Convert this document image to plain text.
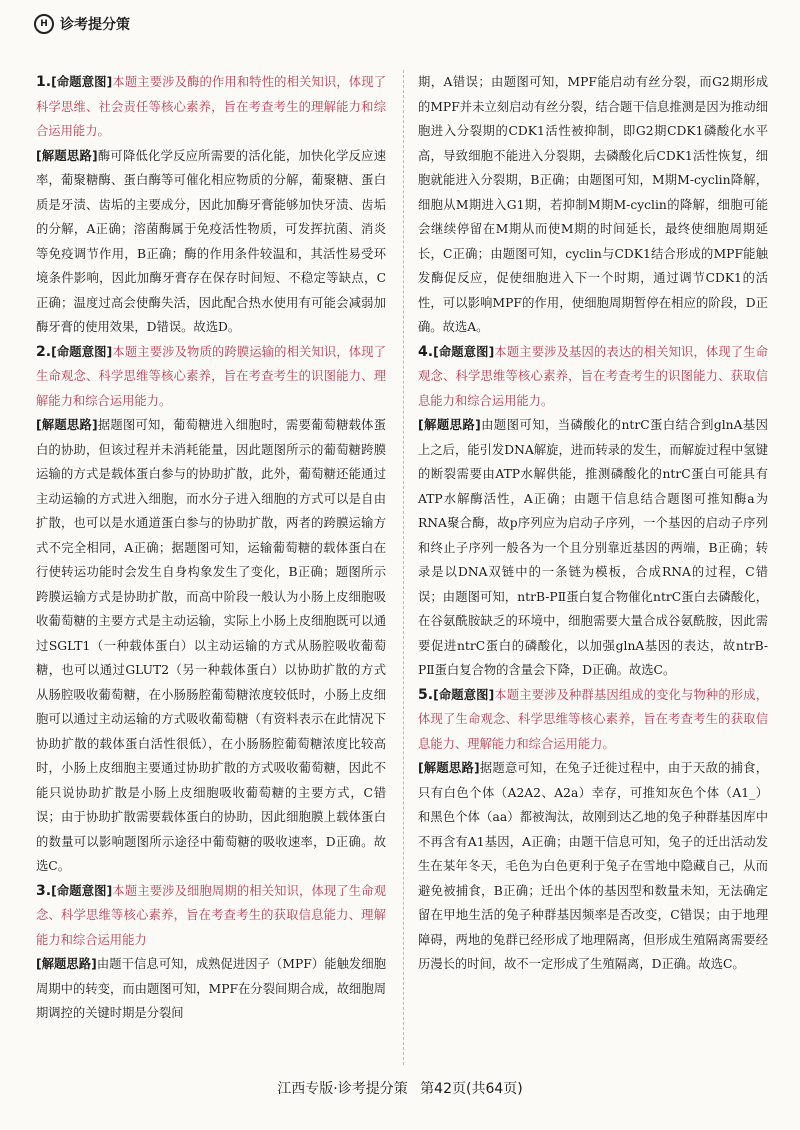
H 诊考提分策
1.[命题意图]本题主要涉及酶的作用和特性的相关知识，体现了科学思维、社会责任等核心素养，旨在考查考生的理解能力和综合运用能力。
[解题思路]酶可降低化学反应所需要的活化能，加快化学反应速率，葡聚糖酶、蛋白酶等可催化相应物质的分解，葡聚糖、蛋白质是牙渍、齿垢的主要成分，因此加酶牙膏能够加快牙渍、齿垢的分解，A正确；溶菌酶属于免疫活性物质，可发挥抗菌、消炎等免疫调节作用，B正确；酶的作用条件较温和，其活性易受环境条件影响，因此加酶牙膏存在保存时间短、不稳定等缺点，C正确；温度过高会使酶失活，因此配合热水使用有可能会减弱加酶牙膏的使用效果，D错误。故选D。
2.[命题意图]本题主要涉及物质的跨膜运输的相关知识，体现了生命观念、科学思维等核心素养，旨在考查考生的识图能力、理解能力和综合运用能力。
[解题思路]据题图可知，葡萄糖进入细胞时，需要葡萄糖载体蛋白的协助，但该过程并未消耗能量，因此题图所示的葡萄糖跨膜运输的方式是载体蛋白参与的协助扩散，此外，葡萄糖还能通过主动运输的方式进入细胞，而水分子进入细胞的方式可以是自由扩散，也可以是水通道蛋白参与的协助扩散，两者的跨膜运输方式不完全相同，A正确；据题图可知，运输葡萄糖的载体蛋白在行使转运功能时会发生自身构象发生了变化，B正确；题图所示跨膜运输方式是协助扩散，而高中阶段一般认为小肠上皮细胞吸收葡萄糖的主要方式是主动运输，实际上小肠上皮细胞既可以通过SGLT1（一种载体蛋白）以主动运输的方式从肠腔吸收葡萄糖，也可以通过GLUT2（另一种载体蛋白）以协助扩散的方式从肠腔吸收葡萄糖，在小肠肠腔葡萄糖浓度较低时，小肠上皮细胞可以通过主动运输的方式吸收葡萄糖（有资料表示在此情况下协助扩散的载体蛋白活性很低），在小肠肠腔葡萄糖浓度比较高时，小肠上皮细胞主要通过协助扩散的方式吸收葡萄糖，因此不能只说协助扩散是小肠上皮细胞吸收葡萄糖的主要方式，C错误；由于协助扩散需要载体蛋白的协助，因此细胞膜上载体蛋白的数量可以影响题图所示途径中葡萄糖的吸收速率，D正确。故选C。
3.[命题意图]本题主要涉及细胞周期的相关知识，体现了生命观念、科学思维等核心素养，旨在考查考生的获取信息能力、理解能力和综合运用能力
[解题思路]由题干信息可知，成熟促进因子（MPF）能触发细胞周期中的转变，而由题图可知，MPF在分裂间期合成，故细胞周期调控的关键时期是分裂间
期，A错误；由题图可知，MPF能启动有丝分裂，而G2期形成的MPF并未立刻启动有丝分裂，结合题干信息推测是因为推动细胞进入分裂期的CDK1活性被抑制，即G2期CDK1磷酸化水平高，导致细胞不能进入分裂期，去磷酸化后CDK1活性恢复，细胞就能进入分裂期，B正确；由题图可知，M期M-cyclin降解，细胞从M期进入G1期，若抑制M期M-cyclin的降解，细胞可能会继续停留在M期从而使M期的时间延长，最终使细胞周期延长，C正确；由题图可知，cyclin与CDK1结合形成的MPF能触发酶促反应，促使细胞进入下一个时期，通过调节CDK1的活性，可以影响MPF的作用，使细胞周期暂停在相应的阶段，D正确。故选A。
4.[命题意图]本题主要涉及基因的表达的相关知识，体现了生命观念、科学思维等核心素养，旨在考查考生的识图能力、获取信息能力和综合运用能力。
[解题思路]由题图可知，当磷酸化的ntrC蛋白结合到glnA基因上之后，能引发DNA解旋，进而转录的发生，而解旋过程中氢键的断裂需要由ATP水解供能，推测磷酸化的ntrC蛋白可能具有ATP水解酶活性，A正确；由题干信息结合题图可推知酶a为RNA聚合酶，故p序列应为启动子序列，一个基因的启动子序列和终止子序列一般各为一个且分别靠近基因的两端，B正确；转录是以DNA双链中的一条链为模板，合成RNA的过程，C错误；由题图可知，ntrB-PⅡ蛋白复合物催化ntrC蛋白去磷酸化，在谷氨酰胺缺乏的环境中，细胞需要大量合成谷氨酰胺，因此需要促进ntrC蛋白的磷酸化，以加强glnA基因的表达，故ntrB-PⅡ蛋白复合物的含量会下降，D正确。故选C。
5.[命题意图]本题主要涉及种群基因组成的变化与物种的形成，体现了生命观念、科学思维等核心素养，旨在考查考生的获取信息能力、理解能力和综合运用能力。
[解题思路]据题意可知，在兔子迁徙过程中，由于天敌的捕食，只有白色个体（A2A2、A2a）幸存，可推知灰色个体（A1_）和黑色个体（aa）都被淘汰，故刚到达乙地的兔子种群基因库中不再含有A1基因，A正确；由题干信息可知，兔子的迁出活动发生在某年冬天，毛色为白色更利于兔子在雪地中隐藏自己，从而避免被捕食，B正确；迁出个体的基因型和数量未知，无法确定留在甲地生活的兔子种群基因频率是否改变，C错误；由于地理障碍，两地的兔群已经形成了地理隔离，但形成生殖隔离需要经历漫长的时间，故不一定形成了生殖隔离，D正确。故选C。
江西专版·诊考提分策 第42页(共64页)
